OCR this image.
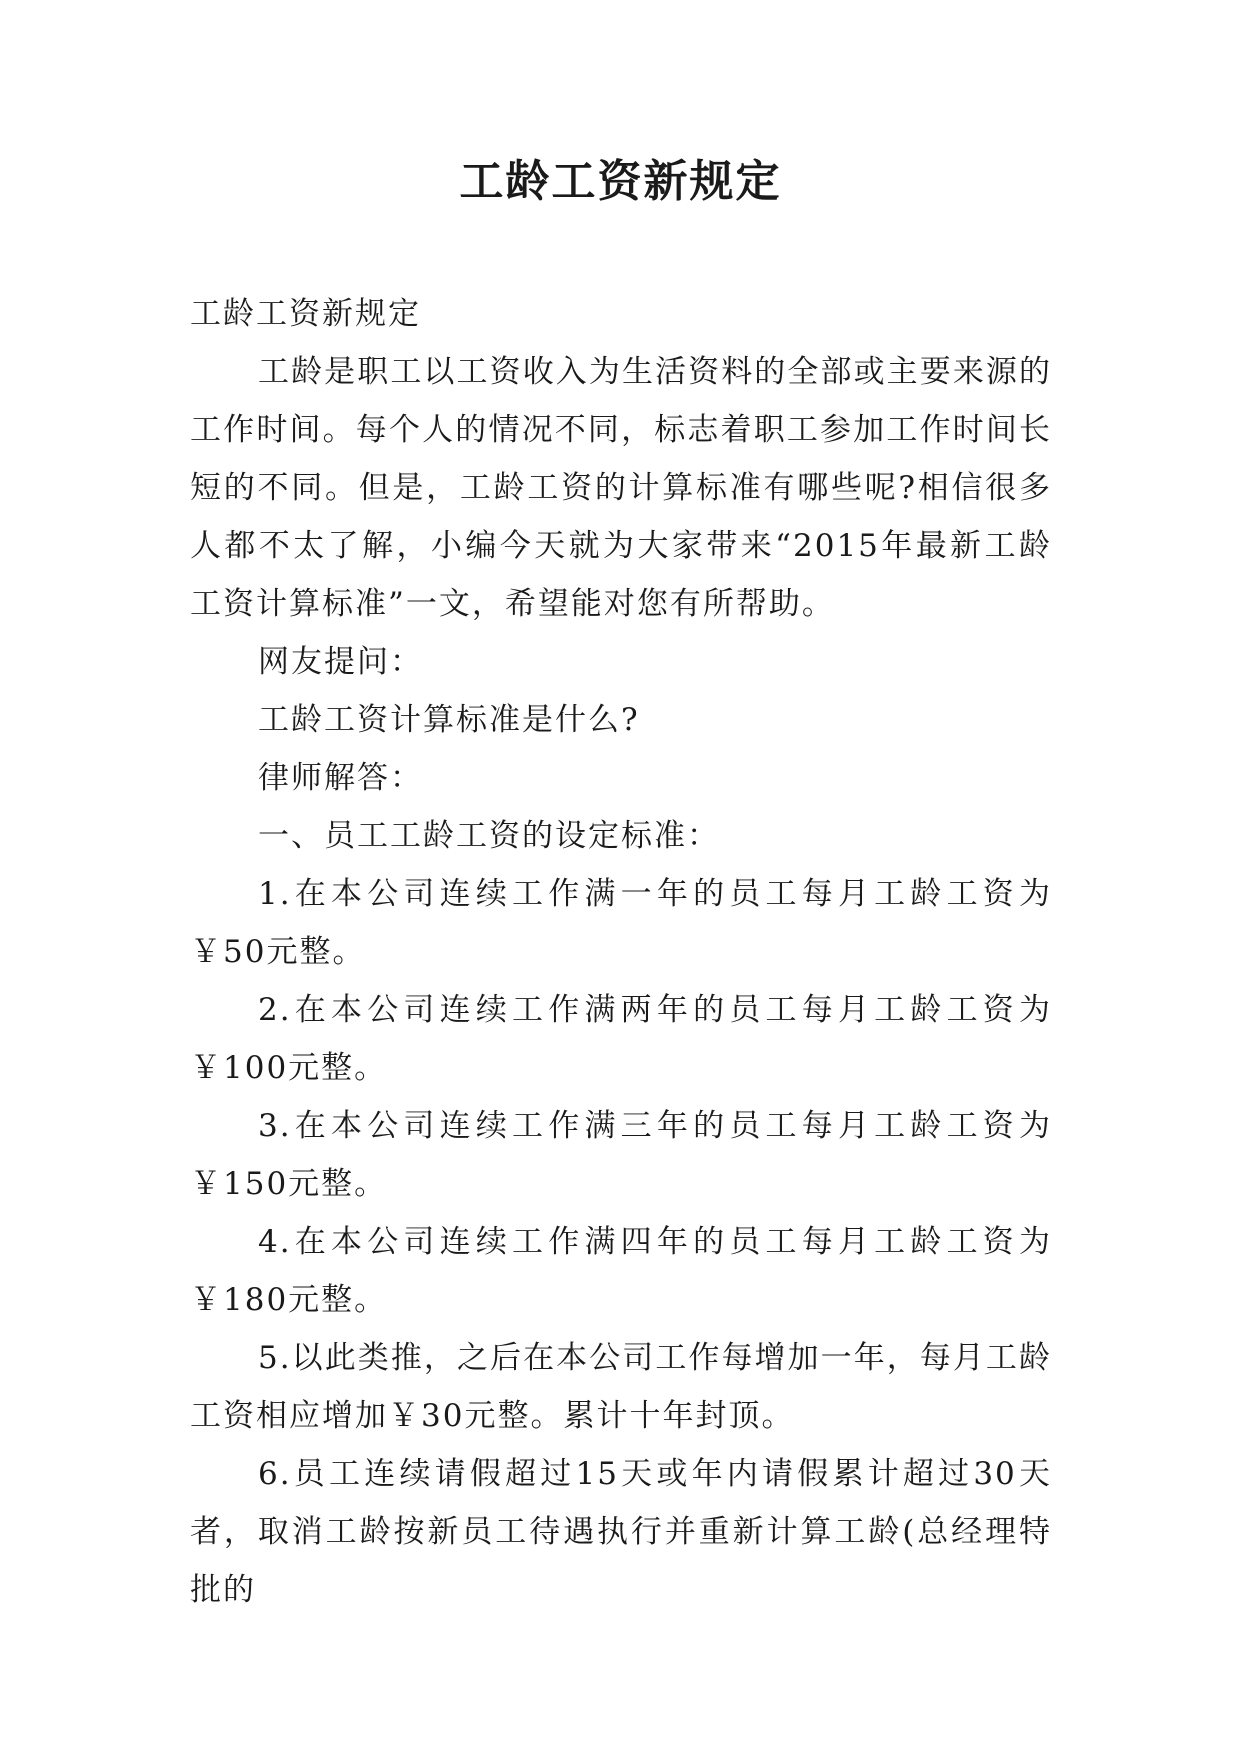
工龄工资新规定

工龄工资新规定

工龄是职工以工资收入为生活资料的全部或主要来源的工作时间。每个人的情况不同，标志着职工参加工作时间长短的不同。但是，工龄工资的计算标准有哪些呢?相信很多人都不太了解，小编今天就为大家带来“2015年最新工龄工资计算标准”一文，希望能对您有所帮助。

网友提问：

工龄工资计算标准是什么?

律师解答：

一、员工工龄工资的设定标准：

1.在本公司连续工作满一年的员工每月工龄工资为￥50元整。

2.在本公司连续工作满两年的员工每月工龄工资为￥100元整。

3.在本公司连续工作满三年的员工每月工龄工资为￥150元整。

4.在本公司连续工作满四年的员工每月工龄工资为￥180元整。

5.以此类推，之后在本公司工作每增加一年，每月工龄工资相应增加￥30元整。累计十年封顶。

6.员工连续请假超过15天或年内请假累计超过30天者，取消工龄按新员工待遇执行并重新计算工龄(总经理特批的
